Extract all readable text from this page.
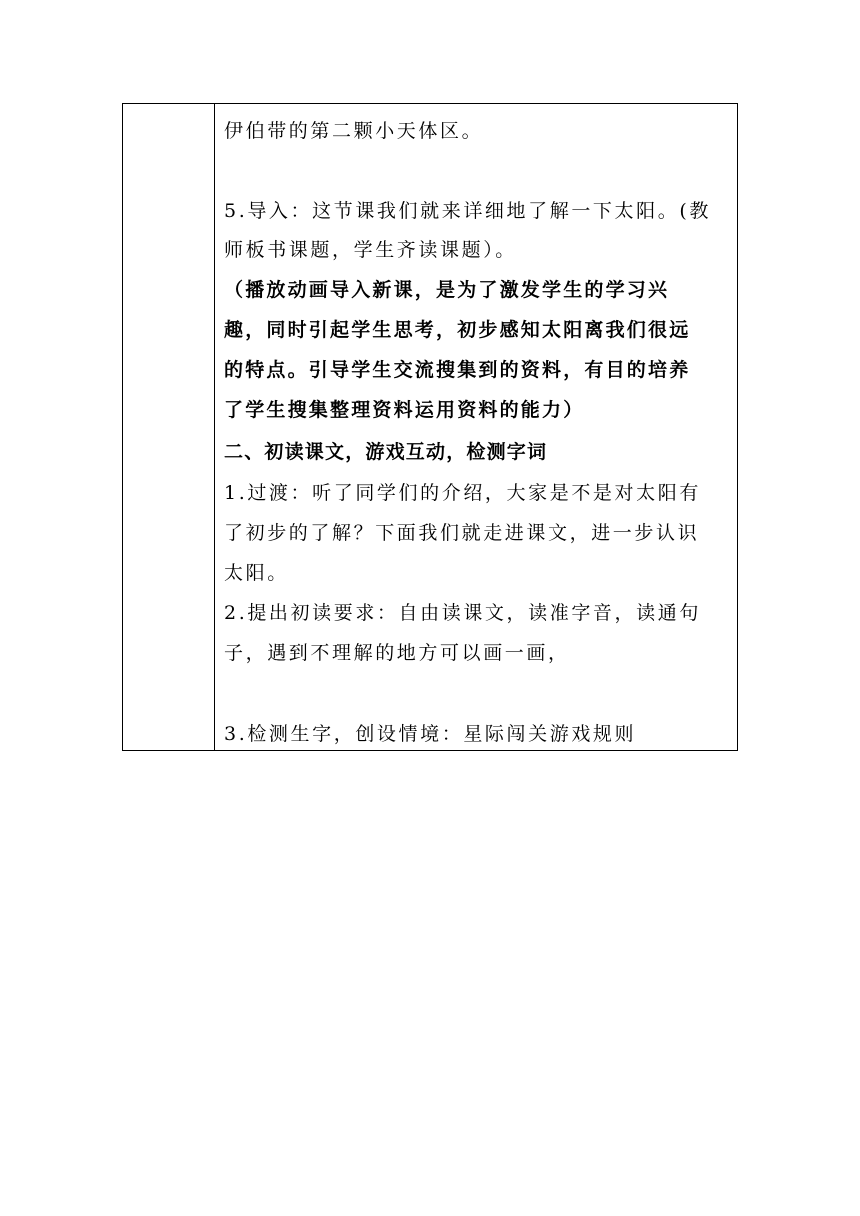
伊伯带的第二颗小天体区。
5.导入：这节课我们就来详细地了解一下太阳。(教
师板书课题，学生齐读课题）。
（播放动画导入新课，是为了激发学生的学习兴
趣，同时引起学生思考，初步感知太阳离我们很远
的特点。引导学生交流搜集到的资料，有目的培养
了学生搜集整理资料运用资料的能力）
二、初读课文，游戏互动，检测字词
1.过渡：听了同学们的介绍，大家是不是对太阳有
了初步的了解？下面我们就走进课文，进一步认识
太阳。
2.提出初读要求：自由读课文，读准字音，读通句
子，遇到不理解的地方可以画一画，
3.检测生字，创设情境：星际闯关游戏规则
